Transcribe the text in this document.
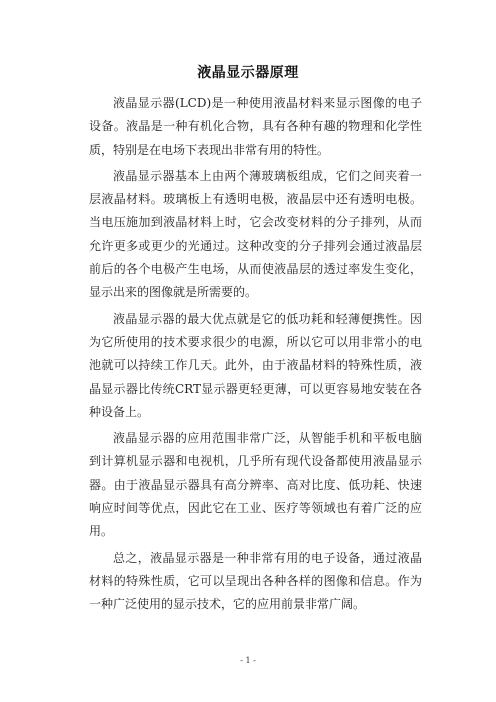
液晶显示器原理

液晶显示器(LCD)是一种使用液晶材料来显示图像的电子设备。液晶是一种有机化合物，具有各种有趣的物理和化学性质，特别是在电场下表现出非常有用的特性。

液晶显示器基本上由两个薄玻璃板组成，它们之间夹着一层液晶材料。玻璃板上有透明电极，液晶层中还有透明电极。当电压施加到液晶材料上时，它会改变材料的分子排列，从而允许更多或更少的光通过。这种改变的分子排列会通过液晶层前后的各个电极产生电场，从而使液晶层的透过率发生变化，显示出来的图像就是所需要的。

液晶显示器的最大优点就是它的低功耗和轻薄便携性。因为它所使用的技术要求很少的电源，所以它可以用非常小的电池就可以持续工作几天。此外，由于液晶材料的特殊性质，液晶显示器比传统CRT显示器更轻更薄，可以更容易地安装在各种设备上。

液晶显示器的应用范围非常广泛，从智能手机和平板电脑到计算机显示器和电视机，几乎所有现代设备都使用液晶显示器。由于液晶显示器具有高分辨率、高对比度、低功耗、快速响应时间等优点，因此它在工业、医疗等领域也有着广泛的应用。

总之，液晶显示器是一种非常有用的电子设备，通过液晶材料的特殊性质，它可以呈现出各种各样的图像和信息。作为一种广泛使用的显示技术，它的应用前景非常广阔。

- 1 -
